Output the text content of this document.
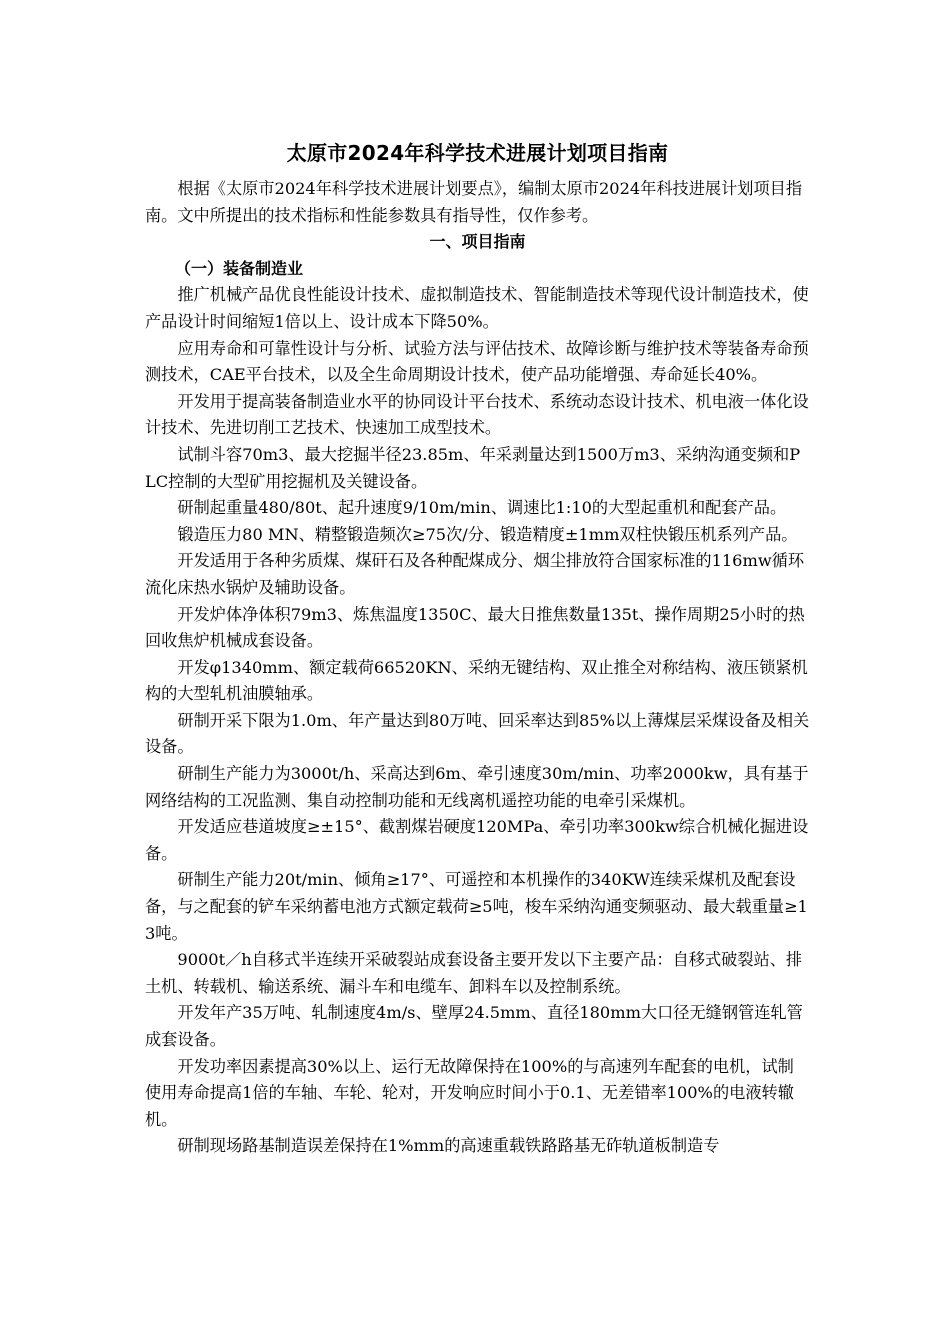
太原市2024年科学技术进展计划项目指南

根据《太原市2024年科学技术进展计划要点》，编制太原市2024年科技进展计划项目指南。文中所提出的技术指标和性能参数具有指导性，仅作参考。

一、项目指南
（一）装备制造业

推广机械产品优良性能设计技术、虚拟制造技术、智能制造技术等现代设计制造技术，使产品设计时间缩短1倍以上、设计成本下降50%。

应用寿命和可靠性设计与分析、试验方法与评估技术、故障诊断与维护技术等装备寿命预测技术，CAE平台技术，以及全生命周期设计技术，使产品功能增强、寿命延长40%。

开发用于提高装备制造业水平的协同设计平台技术、系统动态设计技术、机电液一体化设计技术、先进切削工艺技术、快速加工成型技术。

试制斗容70m3、最大挖掘半径23.85m、年采剥量达到1500万m3、采纳沟通变频和PLC控制的大型矿用挖掘机及关键设备。

研制起重量480/80t、起升速度9/10m/min、调速比1:10的大型起重机和配套产品。

锻造压力80 MN、精整锻造频次≥75次/分、锻造精度±1mm双柱快锻压机系列产品。

开发适用于各种劣质煤、煤矸石及各种配煤成分、烟尘排放符合国家标准的116mw循环流化床热水锅炉及辅助设备。

开发炉体净体积79m3、炼焦温度1350C、最大日推焦数量135t、操作周期25小时的热回收焦炉机械成套设备。

开发φ1340mm、额定载荷66520KN、采纳无键结构、双止推全对称结构、液压锁紧机构的大型轧机油膜轴承。

研制开采下限为1.0m、年产量达到80万吨、回采率达到85%以上薄煤层采煤设备及相关设备。

研制生产能力为3000t/h、采高达到6m、牵引速度30m/min、功率2000kw，具有基于网络结构的工况监测、集自动控制功能和无线离机遥控功能的电牵引采煤机。

开发适应巷道坡度≥±15°、截割煤岩硬度120MPa、牵引功率300kw综合机械化掘进设备。

研制生产能力20t/min、倾角≥17°、可遥控和本机操作的340KW连续采煤机及配套设备，与之配套的铲车采纳蓄电池方式额定载荷≥5吨，梭车采纳沟通变频驱动、最大载重量≥13吨。

9000t／h自移式半连续开采破裂站成套设备主要开发以下主要产品：自移式破裂站、排土机、转载机、输送系统、漏斗车和电缆车、卸料车以及控制系统。

开发年产35万吨、轧制速度4m/s、壁厚24.5mm、直径180mm大口径无缝钢管连轧管成套设备。

开发功率因素提高30%以上、运行无故障保持在100%的与高速列车配套的电机，试制使用寿命提高1倍的车轴、车轮、轮对，开发响应时间小于0.1、无差错率100%的电液转辙机。

研制现场路基制造误差保持在1%mm的高速重载铁路路基无砟轨道板制造专
